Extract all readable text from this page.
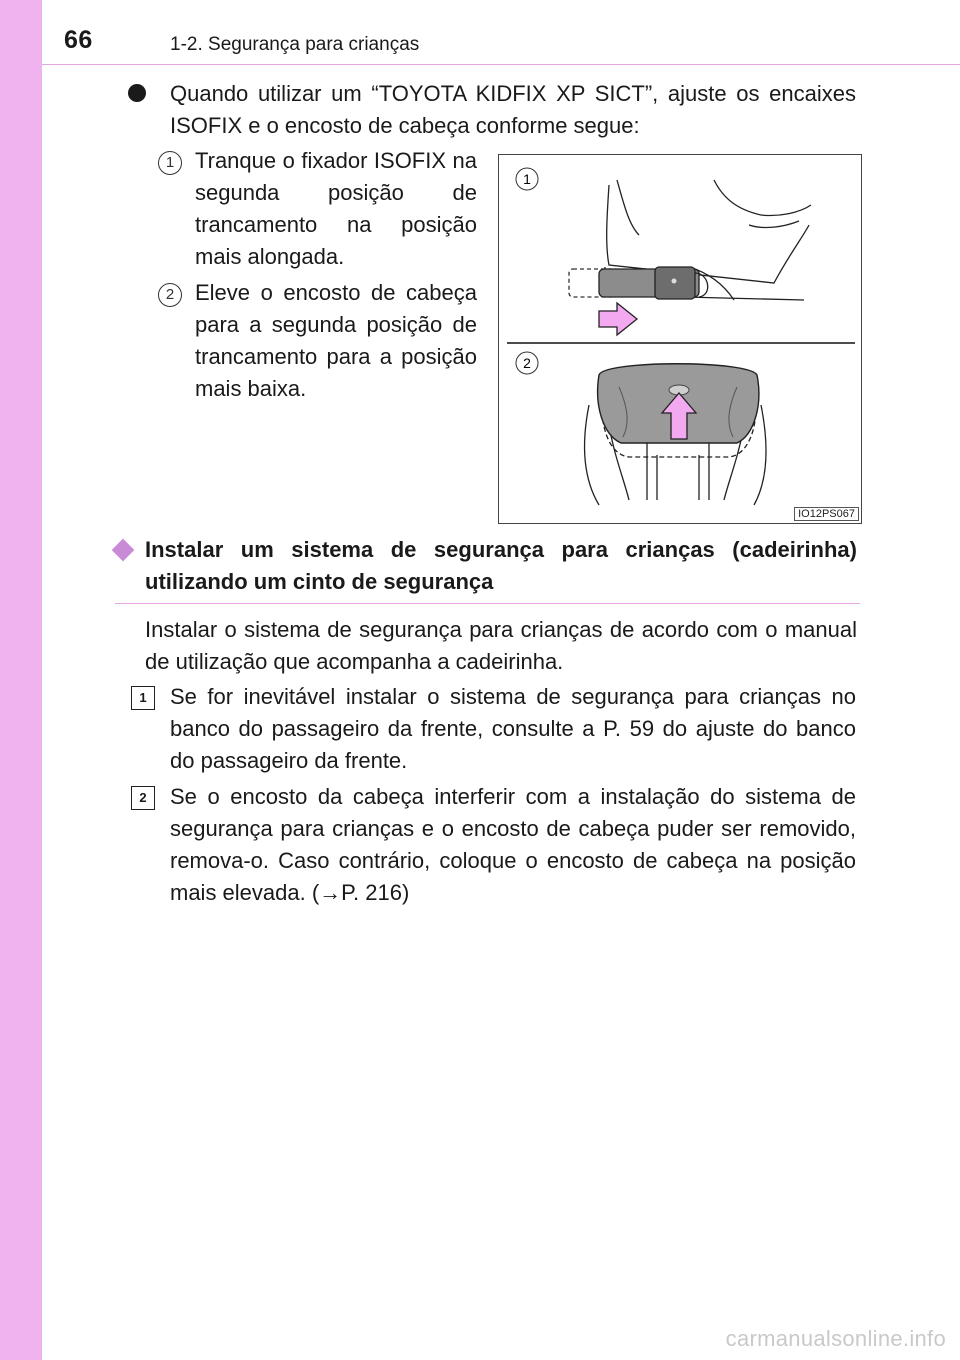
66	1-2. Segurança para crianças
Quando utilizar um “TOYOTA KIDFIX XP SICT”, ajuste os encaixes ISOFIX e o encosto de cabeça conforme segue:
1 Tranque o fixador ISOFIX na segunda posição de trancamento na posição mais alongada.
2 Eleve o encosto de cabeça para a segunda posição de trancamento para a posição mais baixa.
1
2
IO12PS067
Instalar um sistema de segurança para crianças (cadeirinha) utilizando um cinto de segurança
Instalar o sistema de segurança para crianças de acordo com o manual de utilização que acompanha a cadeirinha.
1	Se for inevitável instalar o sistema de segurança para crianças no banco do passageiro da frente, consulte a P. 59 do ajuste do banco do passageiro da frente.
2	Se o encosto da cabeça interferir com a instalação do sistema de segurança para crianças e o encosto de cabeça puder ser removido, remova-o. Caso contrário, coloque o encosto de cabeça na posição mais elevada. (→P. 216)
carmanualsonline.info
